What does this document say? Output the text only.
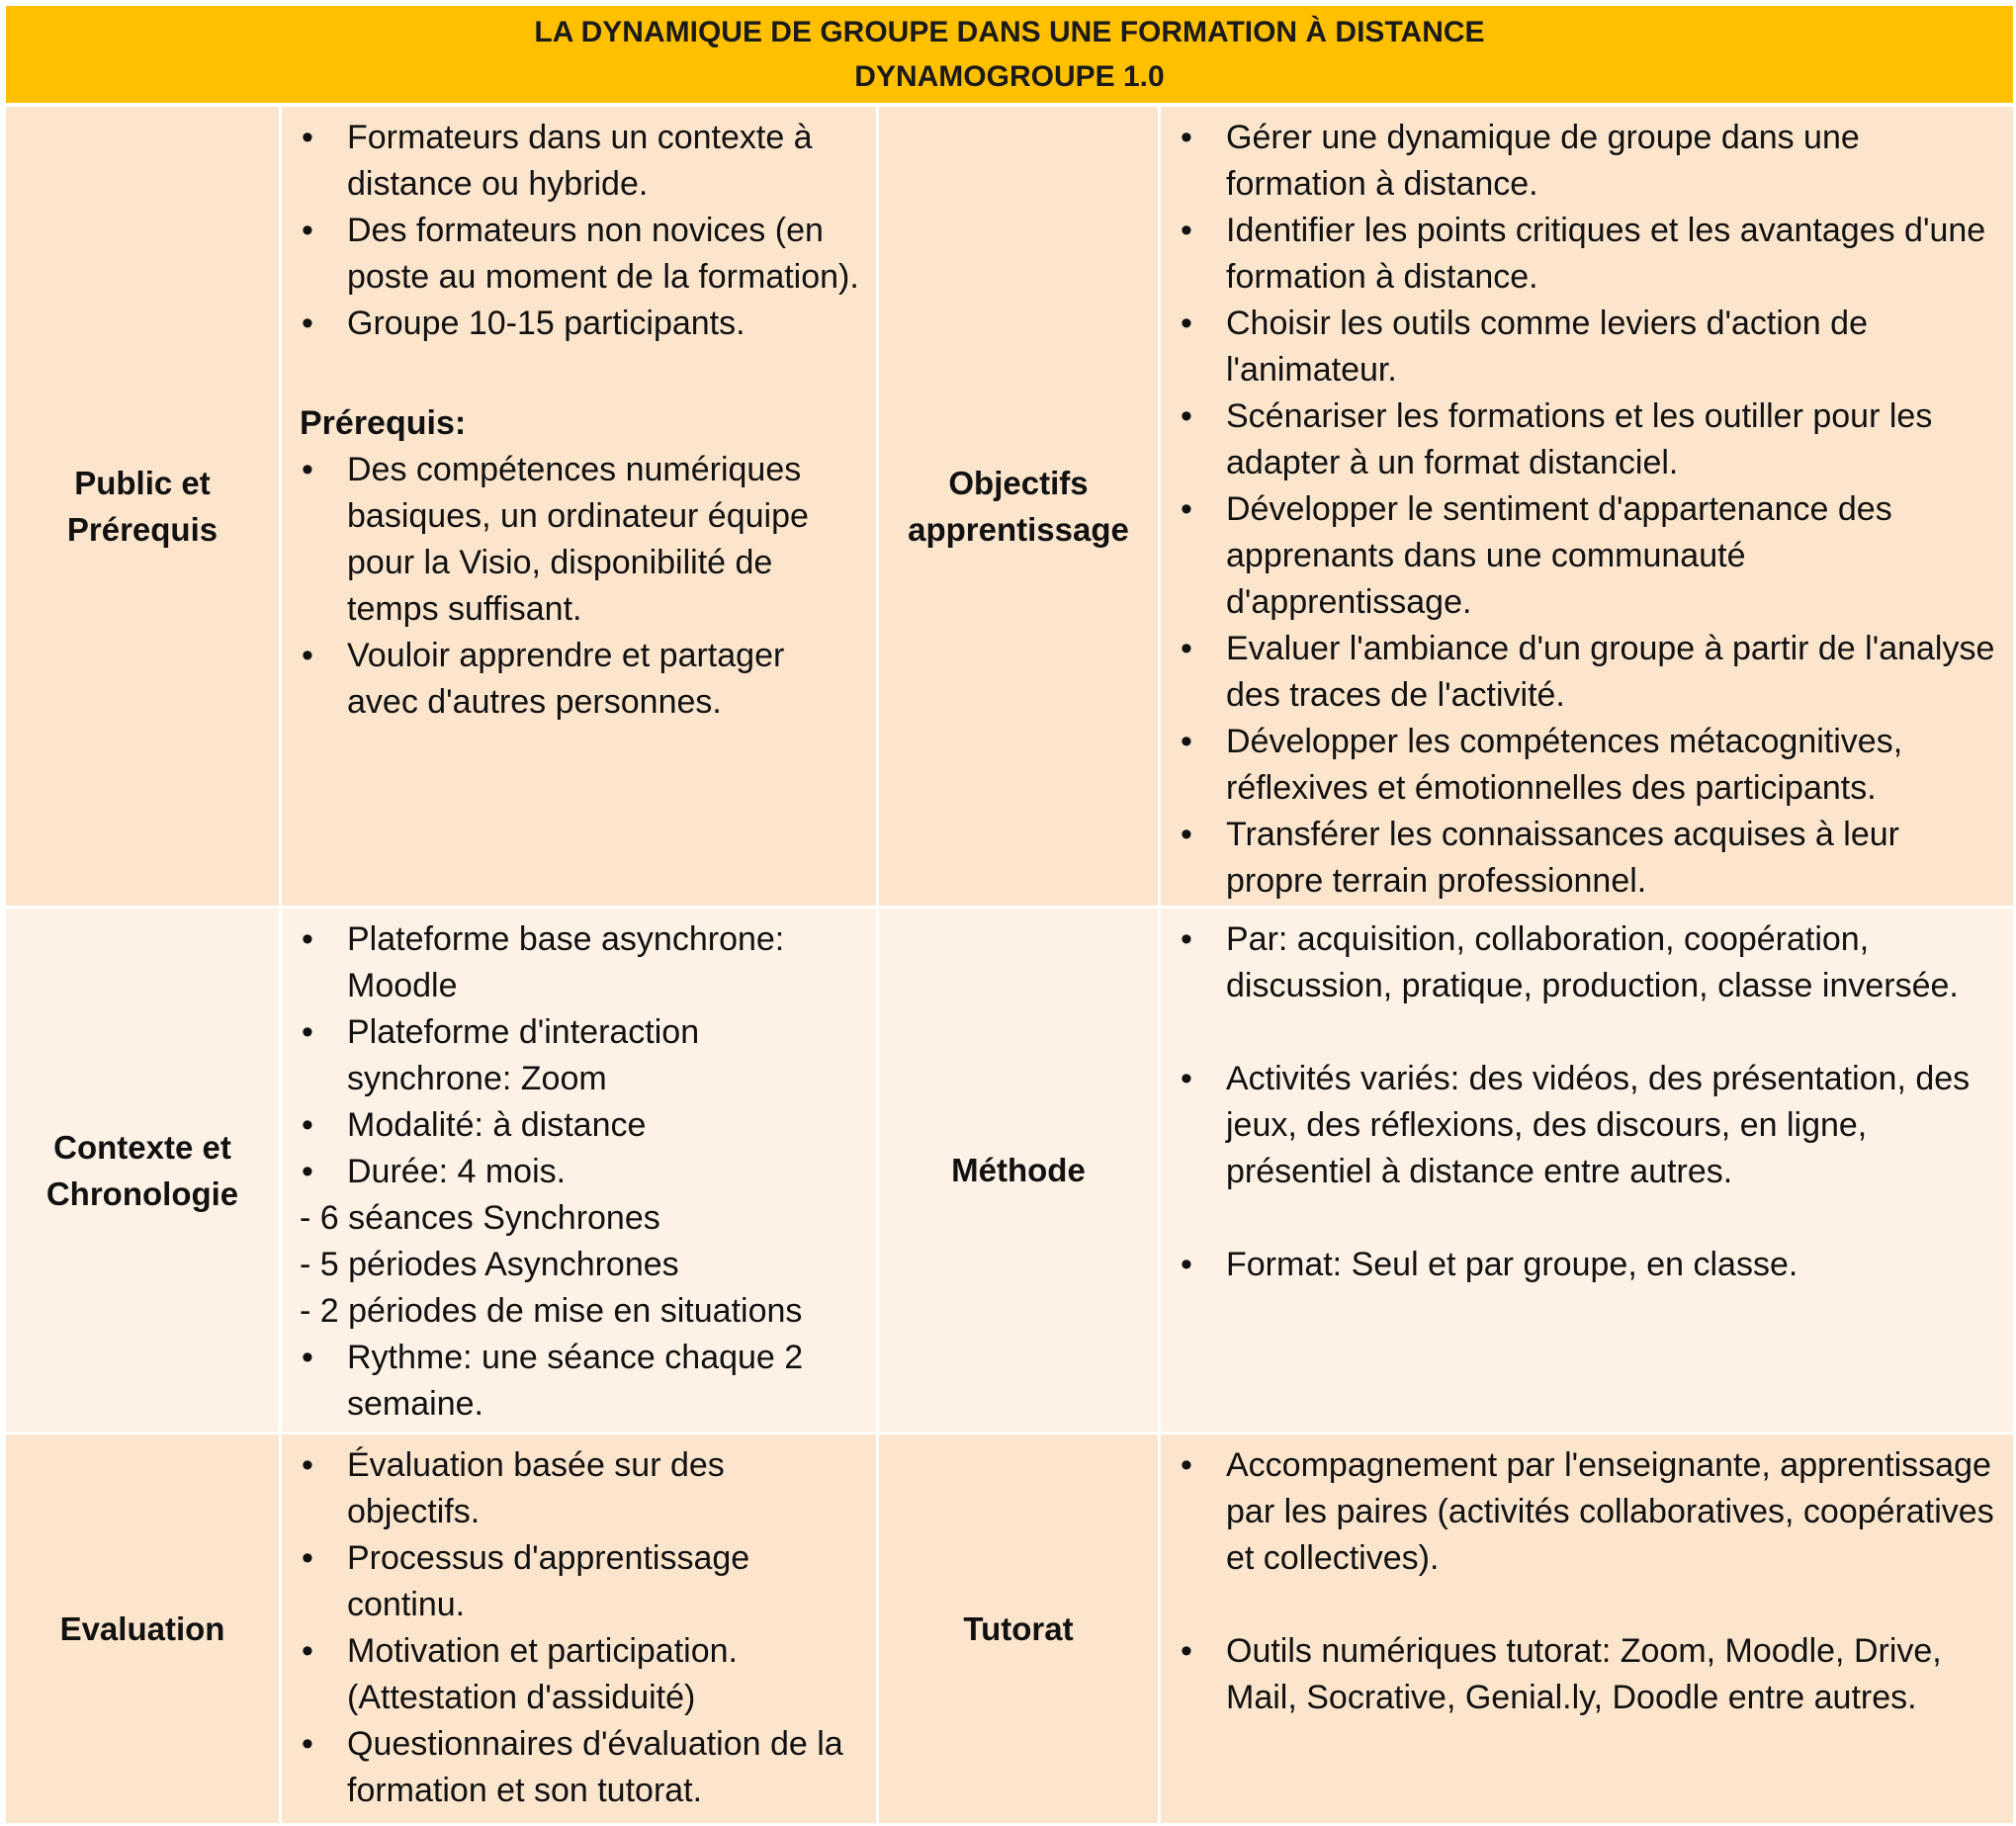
LA DYNAMIQUE DE GROUPE DANS UNE FORMATION À DISTANCE
DYNAMOGROUPE 1.0
Public et
Prérequis
• Formateurs dans un contexte à distance ou hybride.
• Des formateurs non novices (en poste au moment de la formation).
• Groupe 10-15 participants.
Prérequis:
• Des compétences numériques basiques, un ordinateur équipe pour la Visio, disponibilité de temps suffisant.
• Vouloir apprendre et partager avec d'autres personnes.
Objectifs
apprentissage
• Gérer une dynamique de groupe dans une formation à distance.
• Identifier les points critiques et les avantages d'une formation à distance.
• Choisir les outils comme leviers d'action de l'animateur.
• Scénariser les formations et les outiller pour les adapter à un format distanciel.
• Développer le sentiment d'appartenance des apprenants dans une communauté d'apprentissage.
• Evaluer l'ambiance d'un groupe à partir de l'analyse des traces de l'activité.
• Développer les compétences métacognitives, réflexives et émotionnelles des participants.
• Transférer les connaissances acquises à leur propre terrain professionnel.
Contexte et
Chronologie
• Plateforme base asynchrone: Moodle
• Plateforme d'interaction synchrone: Zoom
• Modalité: à distance
• Durée: 4 mois.
- 6 séances Synchrones
- 5 périodes Asynchrones
- 2 périodes de mise en situations
• Rythme: une séance chaque 2 semaine.
Méthode
• Par: acquisition, collaboration, coopération, discussion, pratique, production, classe inversée.
• Activités variés: des vidéos, des présentation, des jeux, des réflexions, des discours, en ligne, présentiel à distance entre autres.
• Format: Seul et par groupe, en classe.
Evaluation
• Évaluation basée sur des objectifs.
• Processus d'apprentissage continu.
• Motivation et participation. (Attestation d'assiduité)
• Questionnaires d'évaluation de la formation et son tutorat.
Tutorat
• Accompagnement par l'enseignante, apprentissage par les paires (activités collaboratives, coopératives et collectives).
• Outils numériques tutorat: Zoom, Moodle, Drive, Mail, Socrative, Genial.ly, Doodle entre autres.
